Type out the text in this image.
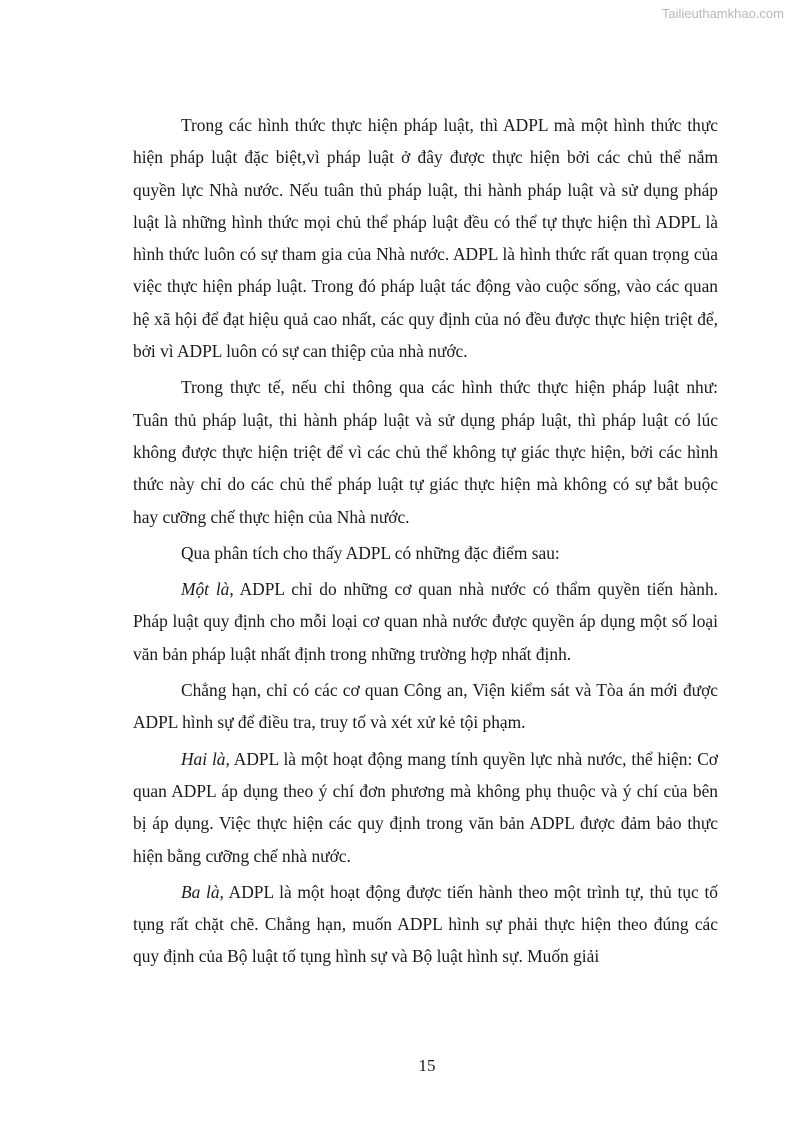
Tailieuthamkhao.com

Trong các hình thức thực hiện pháp luật, thì ADPL mà một hình thức thực hiện pháp luật đặc biệt,vì pháp luật ở đây được thực hiện bởi các chủ thể nắm quyền lực Nhà nước. Nếu tuân thủ pháp luật, thi hành pháp luật và sử dụng pháp luật là những hình thức mọi chủ thể pháp luật đều có thể tự thực hiện thì ADPL là hình thức luôn có sự tham gia của Nhà nước. ADPL là hình thức rất quan trọng của việc thực hiện pháp luật. Trong đó pháp luật tác động vào cuộc sống, vào các quan hệ xã hội để đạt hiệu quả cao nhất, các quy định của nó đều được thực hiện triệt để, bởi vì ADPL luôn có sự can thiệp của nhà nước.

Trong thực tế, nếu chỉ thông qua các hình thức thực hiện pháp luật như: Tuân thủ pháp luật, thi hành pháp luật và sử dụng pháp luật, thì pháp luật có lúc không được thực hiện triệt để vì các chủ thể không tự giác thực hiện, bởi các hình thức này chỉ do các chủ thể pháp luật tự giác thực hiện mà không có sự bắt buộc hay cưỡng chế thực hiện của Nhà nước.

Qua phân tích cho thấy ADPL có những đặc điểm sau:

Một là, ADPL chỉ do những cơ quan nhà nước có thẩm quyền tiến hành. Pháp luật quy định cho mỗi loại cơ quan nhà nước được quyền áp dụng một số loại văn bản pháp luật nhất định trong những trường hợp nhất định.

Chẳng hạn, chỉ có các cơ quan Công an, Viện kiểm sát và Tòa án mới được ADPL hình sự để điều tra, truy tố và xét xử kẻ tội phạm.

Hai là, ADPL là một hoạt động mang tính quyền lực nhà nước, thể hiện: Cơ quan ADPL áp dụng theo ý chí đơn phương mà không phụ thuộc và ý chí của bên bị áp dụng. Việc thực hiện các quy định trong văn bản ADPL được đảm bảo thực hiện bằng cưỡng chế nhà nước.

Ba là, ADPL là một hoạt động được tiến hành theo một trình tự, thủ tục tố tụng rất chặt chẽ. Chẳng hạn, muốn ADPL hình sự phải thực hiện theo đúng các quy định của Bộ luật tố tụng hình sự và Bộ luật hình sự. Muốn giải

15
